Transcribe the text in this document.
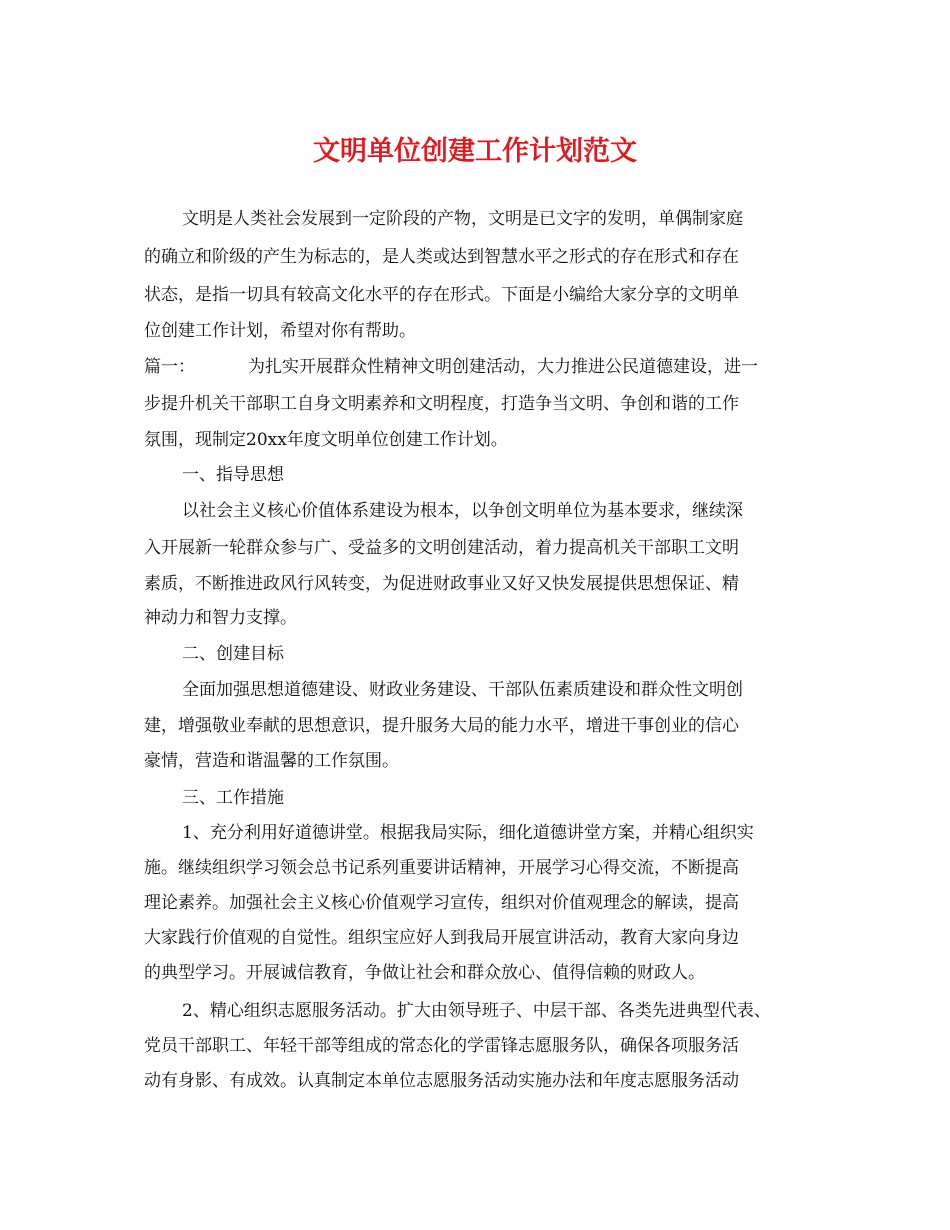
文明单位创建工作计划范文

文明是人类社会发展到一定阶段的产物，文明是已文字的发明，单偶制家庭

的确立和阶级的产生为标志的，是人类或达到智慧水平之形式的存在形式和存在

状态，是指一切具有较高文化水平的存在形式。下面是小编给大家分享的文明单

位创建工作计划，希望对你有帮助。

篇一：	为扎实开展群众性精神文明创建活动，大力推进公民道德建设，进一

步提升机关干部职工自身文明素养和文明程度，打造争当文明、争创和谐的工作

氛围，现制定20xx年度文明单位创建工作计划。

一、指导思想

以社会主义核心价值体系建设为根本，以争创文明单位为基本要求，继续深

入开展新一轮群众参与广、受益多的文明创建活动，着力提高机关干部职工文明

素质，不断推进政风行风转变，为促进财政事业又好又快发展提供思想保证、精

神动力和智力支撑。

二、创建目标

全面加强思想道德建设、财政业务建设、干部队伍素质建设和群众性文明创

建，增强敬业奉献的思想意识，提升服务大局的能力水平，增进干事创业的信心

豪情，营造和谐温馨的工作氛围。

三、工作措施

1、充分利用好道德讲堂。根据我局实际，细化道德讲堂方案，并精心组织实

施。继续组织学习领会总书记系列重要讲话精神，开展学习心得交流，不断提高

理论素养。加强社会主义核心价值观学习宣传，组织对价值观理念的解读，提高

大家践行价值观的自觉性。组织宝应好人到我局开展宣讲活动，教育大家向身边

的典型学习。开展诚信教育，争做让社会和群众放心、值得信赖的财政人。

2、精心组织志愿服务活动。扩大由领导班子、中层干部、各类先进典型代表、

党员干部职工、年轻干部等组成的常态化的学雷锋志愿服务队，确保各项服务活

动有身影、有成效。认真制定本单位志愿服务活动实施办法和年度志愿服务活动
